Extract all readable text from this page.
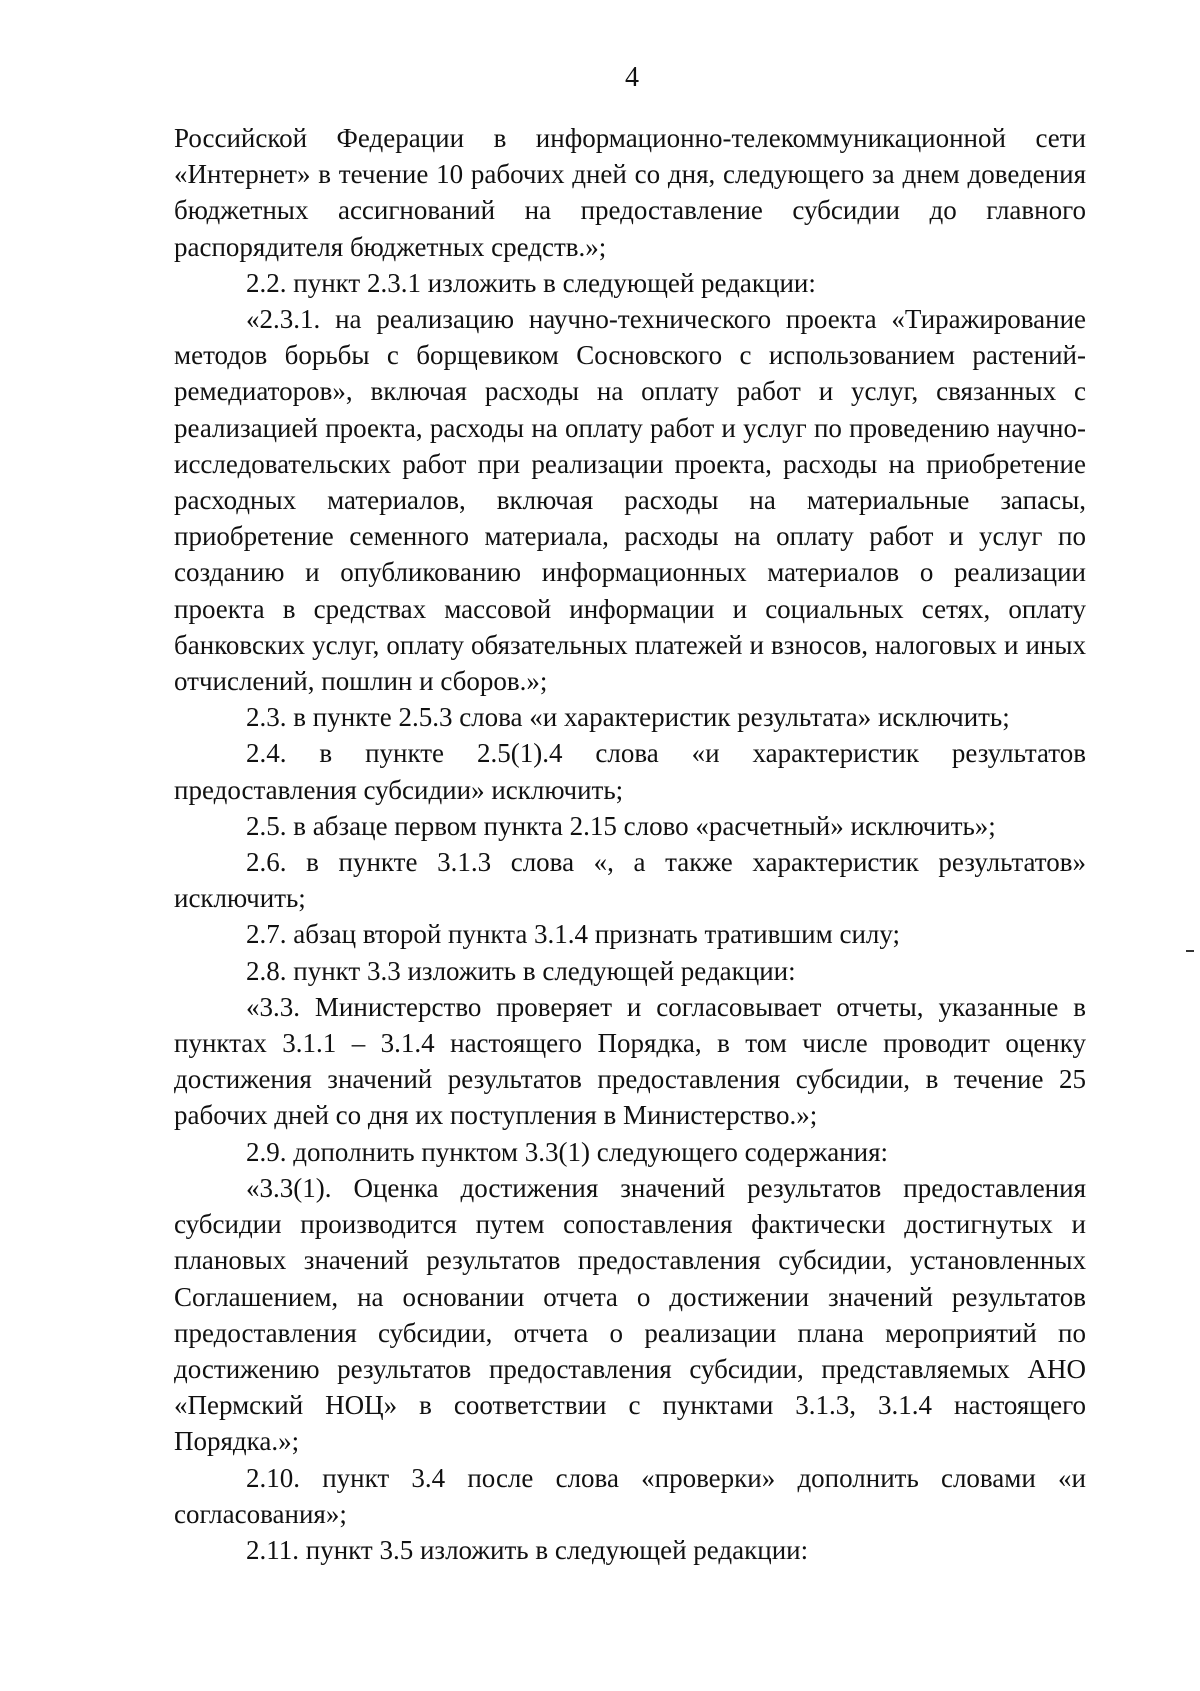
4

Российской Федерации в информационно-телекоммуникационной сети «Интернет» в течение 10 рабочих дней со дня, следующего за днем доведения бюджетных ассигнований на предоставление субсидии до главного распорядителя бюджетных средств.»;

2.2. пункт 2.3.1 изложить в следующей редакции:

«2.3.1. на реализацию научно-технического проекта «Тиражирование методов борьбы с борщевиком Сосновского с использованием растений-ремедиаторов», включая расходы на оплату работ и услуг, связанных с реализацией проекта, расходы на оплату работ и услуг по проведению научно-исследовательских работ при реализации проекта, расходы на приобретение расходных материалов, включая расходы на материальные запасы, приобретение семенного материала, расходы на оплату работ и услуг по созданию и опубликованию информационных материалов о реализации проекта в средствах массовой информации и социальных сетях, оплату банковских услуг, оплату обязательных платежей и взносов, налоговых и иных отчислений, пошлин и сборов.»;

2.3. в пункте 2.5.3 слова «и характеристик результата» исключить;

2.4. в пункте 2.5(1).4 слова «и характеристик результатов предоставления субсидии» исключить;

2.5. в абзаце первом пункта 2.15 слово «расчетный» исключить»;

2.6. в пункте 3.1.3 слова «, а также характеристик результатов» исключить;

2.7. абзац второй пункта 3.1.4 признать тратившим силу;

2.8. пункт 3.3 изложить в следующей редакции:

«3.3. Министерство проверяет и согласовывает отчеты, указанные в пунктах 3.1.1 – 3.1.4 настоящего Порядка, в том числе проводит оценку достижения значений результатов предоставления субсидии, в течение 25 рабочих дней со дня их поступления в Министерство.»;

2.9. дополнить пунктом 3.3(1) следующего содержания:

«3.3(1). Оценка достижения значений результатов предоставления субсидии производится путем сопоставления фактически достигнутых и плановых значений результатов предоставления субсидии, установленных Соглашением, на основании отчета о достижении значений результатов предоставления субсидии, отчета о реализации плана мероприятий по достижению результатов предоставления субсидии, представляемых АНО «Пермский НОЦ» в соответствии с пунктами 3.1.3, 3.1.4 настоящего Порядка.»;

2.10. пункт 3.4 после слова «проверки» дополнить словами «и согласования»;

2.11. пункт 3.5 изложить в следующей редакции:
